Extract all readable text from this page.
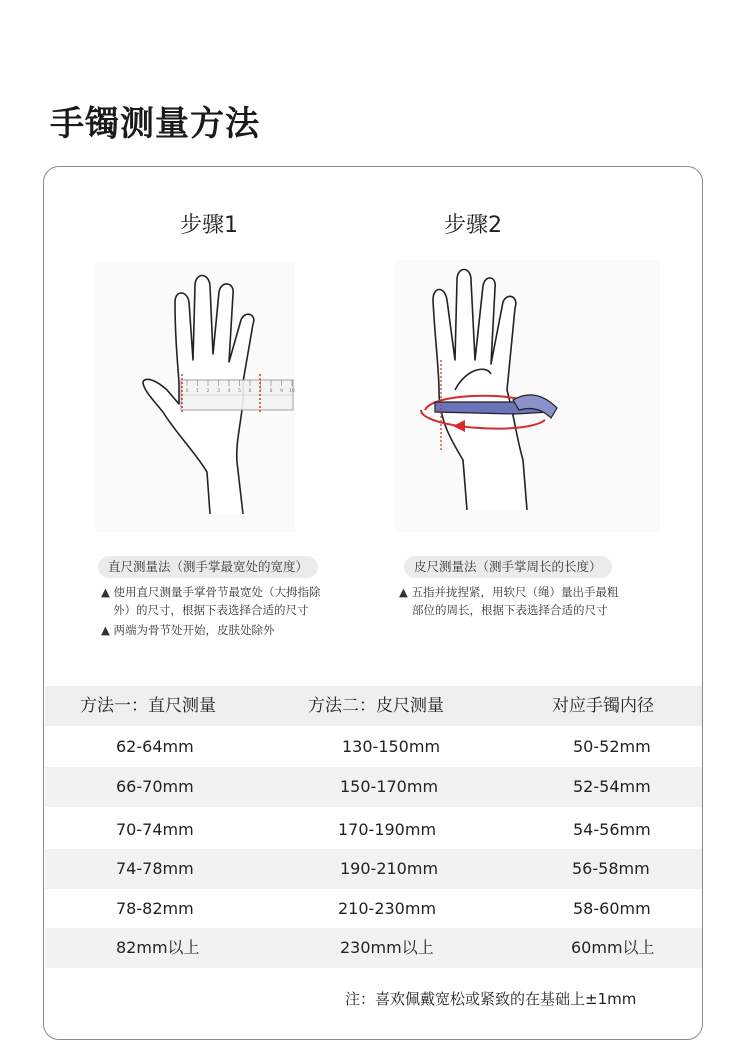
手镯测量方法
步骤1
0 1 2 3 4 5 6 7 8 9 10
直尺测量法（测手掌最宽处的宽度）
▲ 使用直尺测量手掌骨节最宽处（大拇指除
外）的尺寸，根据下表选择合适的尺寸
▲ 两端为骨节处开始，皮肤处除外
步骤2
皮尺测量法（测手掌周长的长度）
▲ 五指并拢捏紧，用软尺（绳）量出手最粗
部位的周长，根据下表选择合适的尺寸
方法一：直尺测量	方法二：皮尺测量	对应手镯内径
62-64mm	130-150mm	50-52mm
66-70mm	150-170mm	52-54mm
70-74mm	170-190mm	54-56mm
74-78mm	190-210mm	56-58mm
78-82mm	210-230mm	58-60mm
82mm以上	230mm以上	60mm以上
注：喜欢佩戴宽松或紧致的在基础上±1mm
